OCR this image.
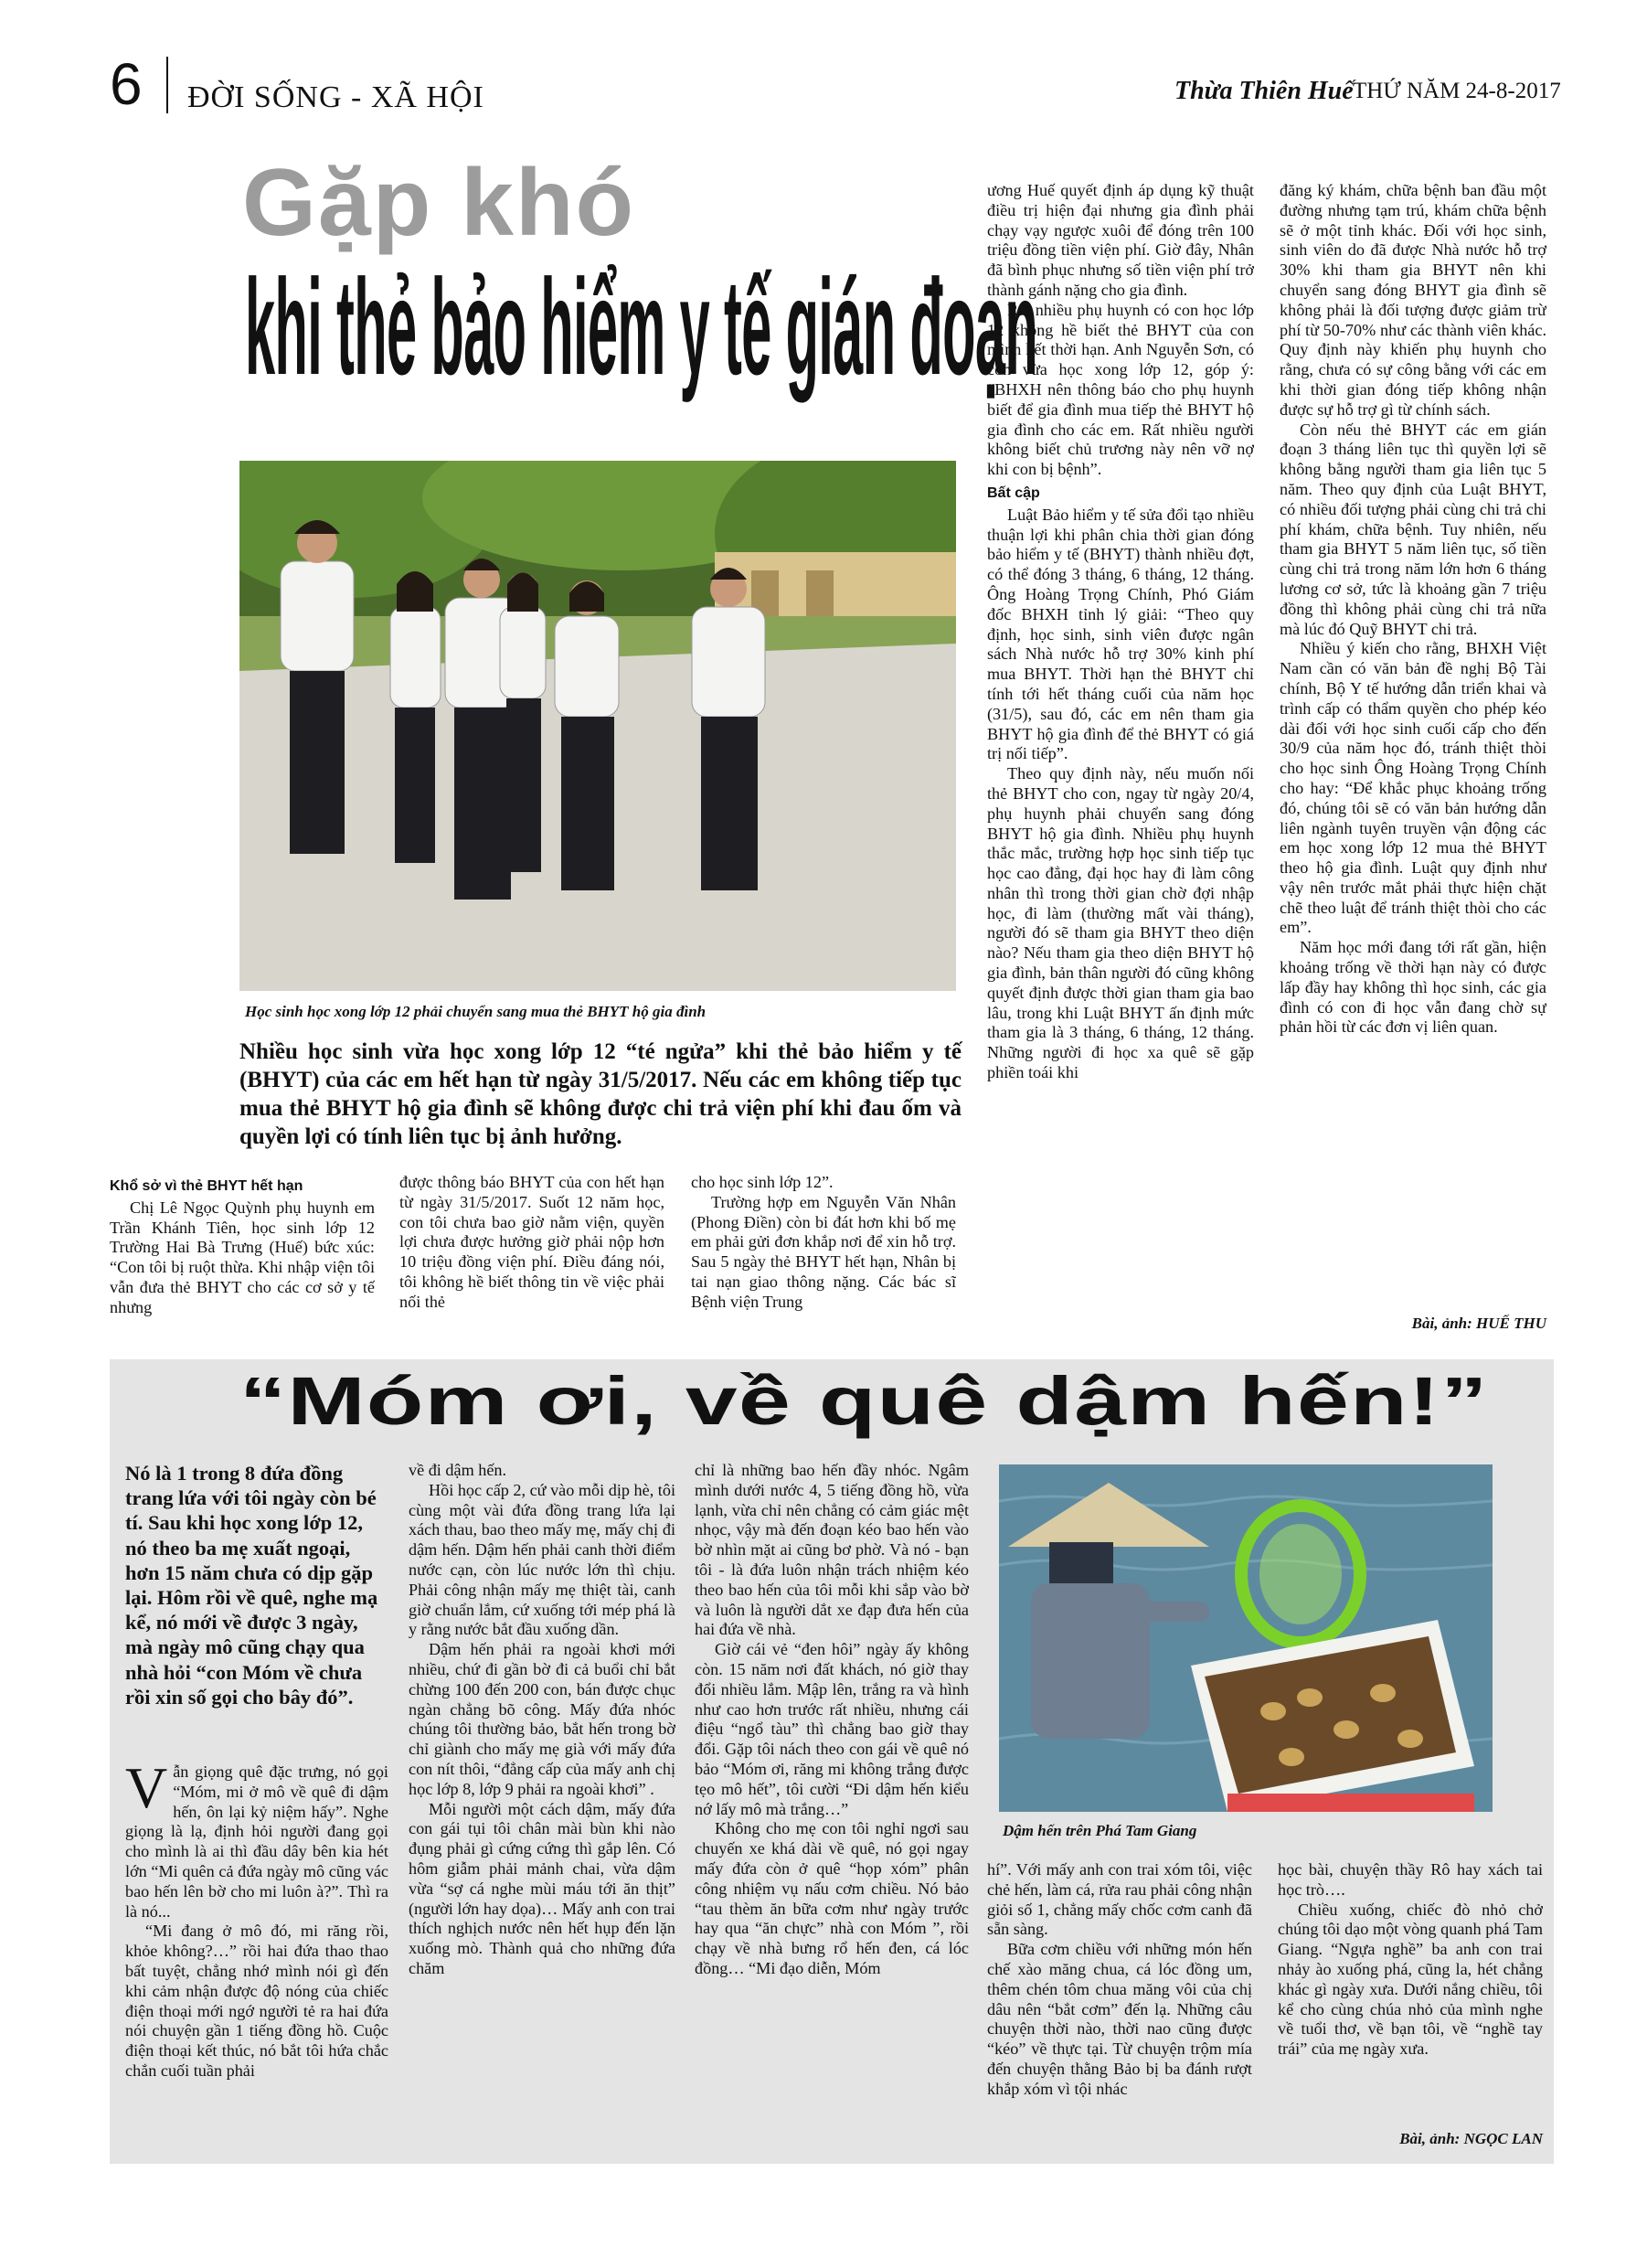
6 ĐỜI SỐNG - XÃ HỘI	Thừa Thiên Huế THỨ NĂM 24-8-2017
Gặp khó
khi thẻ bảo hiểm y tế gián đoạn
Học sinh học xong lớp 12 phải chuyển sang mua thẻ BHYT hộ gia đình
Nhiều học sinh vừa học xong lớp 12 “té ngửa” khi thẻ bảo hiểm y tế (BHYT) của các em hết hạn từ ngày 31/5/2017. Nếu các em không tiếp tục mua thẻ BHYT hộ gia đình sẽ không được chi trả viện phí khi đau ốm và quyền lợi có tính liên tục bị ảnh hưởng.
Khổ sở vì thẻ BHYT hết hạn

Chị Lê Ngọc Quỳnh phụ huynh em Trần Khánh Tiên, học sinh lớp 12 Trường Hai Bà Trưng (Huế) bức xúc: “Con tôi bị ruột thừa. Khi nhập viện tôi vẫn đưa thẻ BHYT cho các cơ sở y tế nhưng

được thông báo BHYT của con hết hạn từ ngày 31/5/2017. Suốt 12 năm học, con tôi chưa bao giờ nằm viện, quyền lợi chưa được hưởng giờ phải nộp hơn 10 triệu đồng viện phí. Điều đáng nói, tôi không hề biết thông tin về việc phải nối thẻ

cho học sinh lớp 12”.

Trường hợp em Nguyễn Văn Nhân (Phong Điền) còn bi đát hơn khi bố mẹ em phải gửi đơn khắp nơi để xin hỗ trợ. Sau 5 ngày thẻ BHYT hết hạn, Nhân bị tai nạn giao thông nặng. Các bác sĩ Bệnh viện Trung

ương Huế quyết định áp dụng kỹ thuật điều trị hiện đại nhưng gia đình phải chạy vạy ngược xuôi để đóng trên 100 triệu đồng tiền viện phí. Giờ đây, Nhân đã bình phục nhưng số tiền viện phí trở thành gánh nặng cho gia đình.

Rất nhiều phụ huynh có con học lớp 12 không hề biết thẻ BHYT của con mình hết thời hạn. Anh Nguyễn Sơn, có con vừa học xong lớp 12, góp ý: “BHXH nên thông báo cho phụ huynh biết để gia đình mua tiếp thẻ BHYT hộ gia đình cho các em. Rất nhiều người không biết chủ trương này nên vỡ nợ khi con bị bệnh”.

Bất cập

Luật Bảo hiểm y tế sửa đổi tạo nhiều thuận lợi khi phân chia thời gian đóng bảo hiểm y tế (BHYT) thành nhiều đợt, có thể đóng 3 tháng, 6 tháng, 12 tháng. Ông Hoàng Trọng Chính, Phó Giám đốc BHXH tỉnh lý giải: “Theo quy định, học sinh, sinh viên được ngân sách Nhà nước hỗ trợ 30% kinh phí mua BHYT. Thời hạn thẻ BHYT chỉ tính tới hết tháng cuối của năm học (31/5), sau đó, các em nên tham gia BHYT hộ gia đình để thẻ BHYT có giá trị nối tiếp”.

Theo quy định này, nếu muốn nối thẻ BHYT cho con, ngay từ ngày 20/4, phụ huynh phải chuyển sang đóng BHYT hộ gia đình. Nhiều phụ huynh thắc mắc, trường hợp học sinh tiếp tục học cao đẳng, đại học hay đi làm công nhân thì trong thời gian chờ đợi nhập học, đi làm (thường mất vài tháng), người đó sẽ tham gia BHYT theo diện nào? Nếu tham gia theo diện BHYT hộ gia đình, bản thân người đó cũng không quyết định được thời gian tham gia bao lâu, trong khi Luật BHYT ấn định mức tham gia là 3 tháng, 6 tháng, 12 tháng. Những người đi học xa quê sẽ gặp phiền toái khi

đăng ký khám, chữa bệnh ban đầu một đường nhưng tạm trú, khám chữa bệnh sẽ ở một tỉnh khác. Đối với học sinh, sinh viên do đã được Nhà nước hỗ trợ 30% khi tham gia BHYT nên khi chuyển sang đóng BHYT gia đình sẽ không phải là đối tượng được giảm trừ phí từ 50-70% như các thành viên khác. Quy định này khiến phụ huynh cho rằng, chưa có sự công bằng với các em khi thời gian đóng tiếp không nhận được sự hỗ trợ gì từ chính sách.

Còn nếu thẻ BHYT các em gián đoạn 3 tháng liên tục thì quyền lợi sẽ không bằng người tham gia liên tục 5 năm. Theo quy định của Luật BHYT, có nhiều đối tượng phải cùng chi trả chi phí khám, chữa bệnh. Tuy nhiên, nếu tham gia BHYT 5 năm liên tục, số tiền cùng chi trả trong năm lớn hơn 6 tháng lương cơ sở, tức là khoảng gần 7 triệu đồng thì không phải cùng chi trả nữa mà lúc đó Quỹ BHYT chi trả.

Nhiều ý kiến cho rằng, BHXH Việt Nam cần có văn bản đề nghị Bộ Tài chính, Bộ Y tế hướng dẫn triển khai và trình cấp có thẩm quyền cho phép kéo dài đối với học sinh cuối cấp cho đến 30/9 của năm học đó, tránh thiệt thòi cho học sinh Ông Hoàng Trọng Chính cho hay: “Để khắc phục khoảng trống đó, chúng tôi sẽ có văn bản hướng dẫn liên ngành tuyên truyền vận động các em học xong lớp 12 mua thẻ BHYT theo hộ gia đình. Luật quy định như vậy nên trước mắt phải thực hiện chặt chẽ theo luật để tránh thiệt thòi cho các em”.

Năm học mới đang tới rất gần, hiện khoảng trống về thời hạn này có được lấp đầy hay không thì học sinh, các gia đình có con đi học vẫn đang chờ sự phản hồi từ các đơn vị liên quan.

Bài, ảnh: HUẾ THU
“Móm ơi, về quê dậm hến!”
Nó là 1 trong 8 đứa đồng trang lứa với tôi ngày còn bé tí. Sau khi học xong lớp 12, nó theo ba mẹ xuất ngoại, hơn 15 năm chưa có dịp gặp lại. Hôm rồi về quê, nghe mạ kể, nó mới về được 3 ngày, mà ngày mô cũng chạy qua nhà hỏi “con Móm về chưa rồi xin số gọi cho bây đó”.
V ẫn giọng quê đặc trưng, nó gọi “Móm, mi ở mô về quê đi dậm hến, ôn lại kỷ niệm hấy”. Nghe giọng là lạ, định hỏi người đang gọi cho mình là ai thì đầu dây bên kia hét lớn “Mi quên cả đứa ngày mô cũng vác bao hến lên bờ cho mi luôn à?”. Thì ra là nó...

“Mi đang ở mô đó, mi răng rồi, khỏe không?…” rồi hai đứa thao thao bất tuyệt, chẳng nhớ mình nói gì đến khi cảm nhận được độ nóng của chiếc điện thoại mới ngớ người tẻ ra hai đứa nói chuyện gần 1 tiếng đồng hồ. Cuộc điện thoại kết thúc, nó bắt tôi hứa chắc chắn cuối tuần phải

về đi dậm hến.

Hồi học cấp 2, cứ vào mỗi dịp hè, tôi cùng một vài đứa đồng trang lứa lại xách thau, bao theo mấy mẹ, mấy chị đi dậm hến. Dậm hến phải canh thời điểm nước cạn, còn lúc nước lớn thì chịu. Phải công nhận mấy mẹ thiệt tài, canh giờ chuẩn lắm, cứ xuống tới mép phá là y rằng nước bắt đầu xuống dần.

Dậm hến phải ra ngoài khơi mới nhiều, chứ đi gần bờ đi cả buổi chỉ bắt chừng 100 đến 200 con, bán được chục ngàn chẳng bõ công. Mấy đứa nhóc chúng tôi thường bảo, bắt hến trong bờ chỉ giành cho mấy mẹ già với mấy đứa con nít thôi, “đẳng cấp của mấy anh chị học lớp 8, lớp 9 phải ra ngoài khơi” .

Mỗi người một cách dậm, mấy đứa con gái tụi tôi chân mài bùn khi nào đụng phải gì cứng cứng thì gắp lên. Có hôm giẫm phải mảnh chai, vừa dậm vừa “sợ cá nghe mùi máu tới ăn thịt” (người lớn hay dọa)… Mấy anh con trai thích nghịch nước nên hết hụp đến lặn xuống mò. Thành quả cho những đứa chăm

chỉ là những bao hến đầy nhóc. Ngâm mình dưới nước 4, 5 tiếng đồng hồ, vừa lạnh, vừa chỉ nên chẳng có cảm giác mệt nhọc, vậy mà đến đoạn kéo bao hến vào bờ nhìn mặt ai cũng bơ phờ. Và nó - bạn tôi - là đứa luôn nhận trách nhiệm kéo theo bao hến của tôi mỗi khi sắp vào bờ và luôn là người dắt xe đạp đưa hến của hai đứa về nhà.

Giờ cái vẻ “đen hôi” ngày ấy không còn. 15 năm nơi đất khách, nó giờ thay đổi nhiều lắm. Mập lên, trắng ra và hình như cao hơn trước rất nhiều, nhưng cái điệu “ngổ tàu” thì chẳng bao giờ thay đổi. Gặp tôi nách theo con gái về quê nó bảo “Móm ơi, răng mi không trắng được tẹo mô hết”, tôi cười “Đi dậm hến kiểu nớ lấy mô mà trắng…”

Không cho mẹ con tôi nghỉ ngơi sau chuyến xe khá dài về quê, nó gọi ngay mấy đứa còn ở quê “họp xóm” phân công nhiệm vụ nấu cơm chiều. Nó bảo “tau thèm ăn bữa cơm như ngày trước hay qua “ăn chực” nhà con Móm ”, rồi chạy về nhà bưng rổ hến đen, cá lóc đồng… “Mi đạo diễn, Móm

Dậm hến trên Phá Tam Giang

hí”. Với mấy anh con trai xóm tôi, việc chẻ hến, làm cá, rửa rau phải công nhận giỏi số 1, chẳng mấy chốc cơm canh đã sẵn sàng.

Bữa cơm chiều với những món hến chế xào măng chua, cá lóc đồng um, thêm chén tôm chua măng vôi của chị dâu nên “bắt cơm” đến lạ. Những câu chuyện thời nào, thời nao cũng được “kéo” về thực tại. Từ chuyện trộm mía đến chuyện thằng Bảo bị ba đánh rượt khắp xóm vì tội nhác

học bài, chuyện thầy Rô hay xách tai học trò….

Chiều xuống, chiếc đò nhỏ chở chúng tôi dạo một vòng quanh phá Tam Giang. “Ngựa nghề” ba anh con trai nhảy ào xuống phá, cũng la, hét chẳng khác gì ngày xưa. Dưới nắng chiều, tôi kể cho cùng chúa nhỏ của mình nghe về tuổi thơ, về bạn tôi, về “nghề tay trái” của mẹ ngày xưa.

Bài, ảnh: NGỌC LAN
